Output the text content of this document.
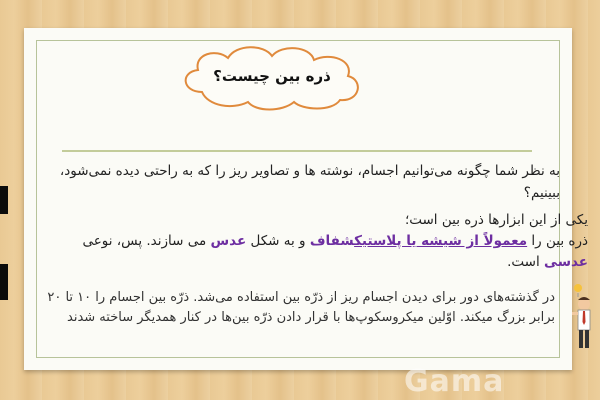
ذره بین چیست؟
به نظر شما چگونه می‌توانیم اجسام، نوشته ها و تصاویر ریز را که به راحتی دیده نمی‌شود، ببینیم؟
یکی از این ابزارها ذره بین است؛
ذره بین را معمولاً از شیشه یا پلاستیکشفاف و به شکل عدس می سازند. پس، نوعی عدسی است.
در گذشته‌های دور برای دیدن اجسام ریز از ذرّه بین استفاده می‌شد. ذرّه بین اجسام را ۱۰ تا ۲۰ برابر بزرگ میکند. اوّلین میکروسکوپ‌ها با قرار دادن ذرّه بین‌ها در کنار همدیگر ساخته شدند
Gama
